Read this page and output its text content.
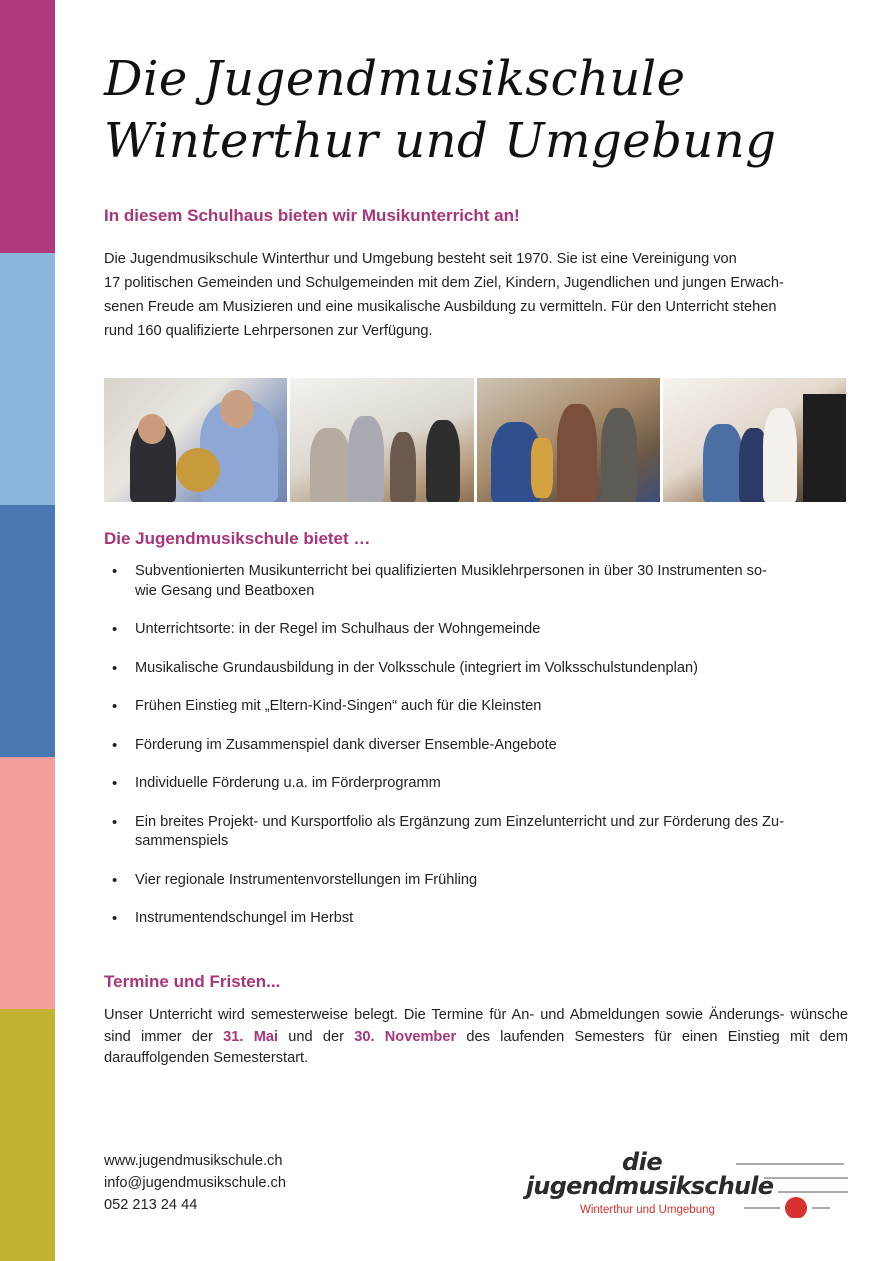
Die Jugendmusikschule
Winterthur und Umgebung
In diesem Schulhaus bieten wir Musikunterricht an!
Die Jugendmusikschule Winterthur und Umgebung besteht seit 1970. Sie ist eine Vereinigung von
17 politischen Gemeinden und Schulgemeinden mit dem Ziel, Kindern, Jugendlichen und jungen Erwach-
senen Freude am Musizieren und eine musikalische Ausbildung zu vermitteln. Für den Unterricht stehen
rund 160 qualifizierte Lehrpersonen zur Verfügung.
Die Jugendmusikschule bietet …
• Subventionierten Musikunterricht bei qualifizierten Musiklehrpersonen in über 30 Instrumenten so-
wie Gesang und Beatboxen
• Unterrichtsorte: in der Regel im Schulhaus der Wohngemeinde
• Musikalische Grundausbildung in der Volksschule (integriert im Volksschulstundenplan)
• Frühen Einstieg mit „Eltern-Kind-Singen“ auch für die Kleinsten
• Förderung im Zusammenspiel dank diverser Ensemble-Angebote
• Individuelle Förderung u.a. im Förderprogramm
• Ein breites Projekt- und Kursportfolio als Ergänzung zum Einzelunterricht und zur Förderung des Zu-
sammenspiels
• Vier regionale Instrumentenvorstellungen im Frühling
• Instrumentendschungel im Herbst
Termine und Fristen...
Unser Unterricht wird semesterweise belegt. Die Termine für An- und Abmeldungen sowie Änderungs- wünsche sind immer der 31. Mai und der 30. November des laufenden Semesters für einen Einstieg mit dem darauffolgenden Semesterstart.
www.jugendmusikschule.ch
info@jugendmusikschule.ch
052 213 24 44
die
jugendmusikschule
Winterthur und Umgebung
